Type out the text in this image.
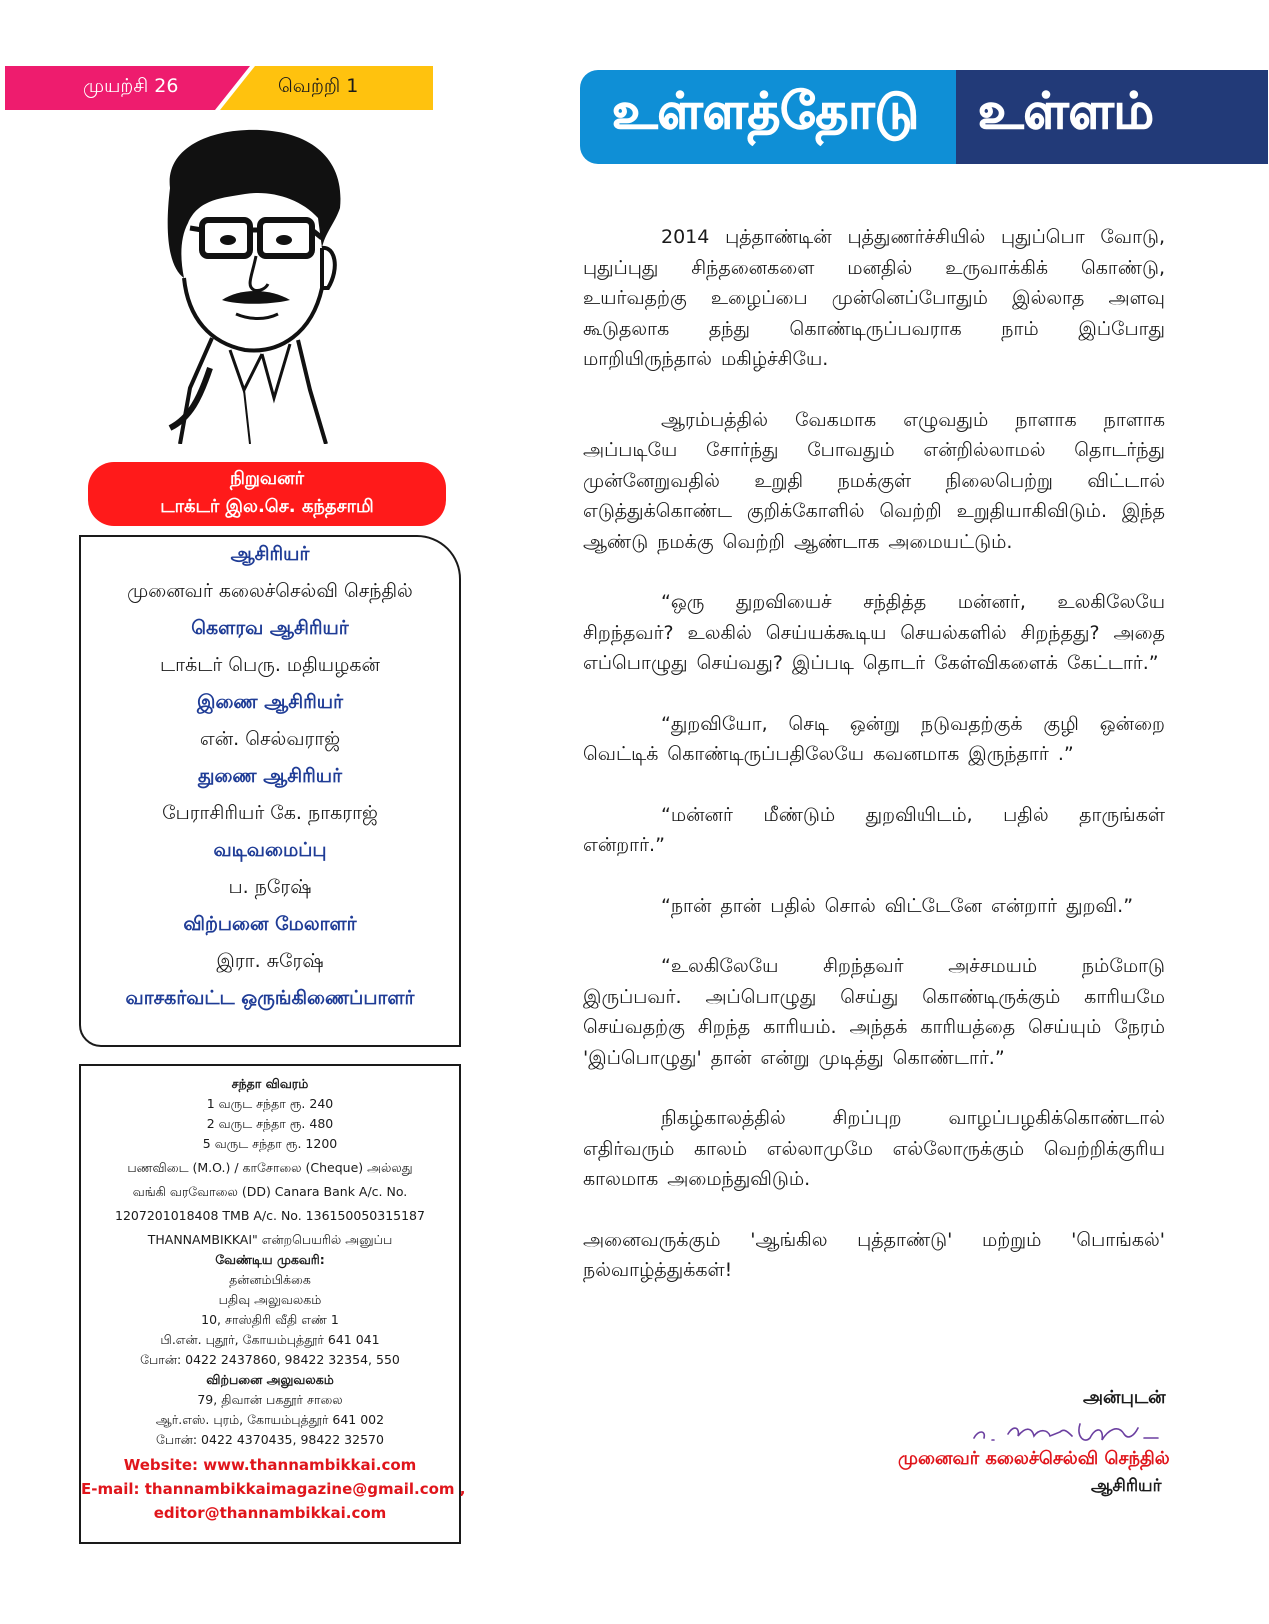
முயற்சி 26	வெற்றி 1	உள்ளத்தோடு உள்ளம்
நிறுவனர்
டாக்டர் இல.செ. கந்தசாமி
ஆசிரியர்
முனைவர் கலைச்செல்வி செந்தில்
கௌரவ ஆசிரியர்
டாக்டர் பெரு. மதியழகன்
இணை ஆசிரியர்
என். செல்வராஜ்
துணை ஆசிரியர்
பேராசிரியர் கே. நாகராஜ்
வடிவமைப்பு
ப. நரேஷ்
விற்பனை மேலாளர்
இரா. சுரேஷ்
வாசகர்வட்ட ஒருங்கிணைப்பாளர்
சந்தா விவரம்
1 வருட சந்தா ரூ. 240
2 வருட சந்தா ரூ. 480
5 வருட சந்தா ரூ. 1200
பணவிடை (M.O.) / காசோலை (Cheque) அல்லது
வங்கி வரவோலை (DD) Canara Bank A/c. No.
1207201018408 TMB A/c. No. 136150050315187
THANNAMBIKKAI" என்றபெயரில் அனுப்ப
வேண்டிய முகவரி:
தன்னம்பிக்கை
பதிவு அலுவலகம்
10, சாஸ்திரி வீதி எண் 1
பி.என். புதூர், கோயம்புத்தூர் 641 041
போன்: 0422 2437860, 98422 32354, 550
விற்பனை அலுவலகம்
79, திவான் பகதூர் சாலை
ஆர்.எஸ். புரம், கோயம்புத்தூர் 641 002
போன்: 0422 4370435, 98422 32570
Website: www.thannambikkai.com
E-mail: thannambikkaimagazine@gmail.com ,
editor@thannambikkai.com

2014 புத்தாண்டின் புத்துணர்ச்சியில் புதுப்பொ வோடு, புதுப்புது சிந்தனைகளை மனதில் உருவாக்கிக் கொண்டு, உயர்வதற்கு உழைப்பை முன்னெப்போதும் இல்லாத அளவு கூடுதலாக தந்து கொண்டிருப்பவராக நாம் இப்போது மாறியிருந்தால் மகிழ்ச்சியே.

ஆரம்பத்தில் வேகமாக எழுவதும் நாளாக நாளாக அப்படியே சோர்ந்து போவதும் என்றில்லாமல் தொடர்ந்து முன்னேறுவதில் உறுதி நமக்குள் நிலைபெற்று விட்டால் எடுத்துக்கொண்ட குறிக்கோளில் வெற்றி உறுதியாகிவிடும். இந்த ஆண்டு நமக்கு வெற்றி ஆண்டாக அமையட்டும்.

“ஒரு துறவியைச் சந்தித்த மன்னர், உலகிலேயே சிறந்தவர்? உலகில் செய்யக்கூடிய செயல்களில் சிறந்தது? அதை எப்பொழுது செய்வது? இப்படி தொடர் கேள்விகளைக் கேட்டார்.”

“துறவியோ, செடி ஒன்று நடுவதற்குக் குழி ஒன்றை வெட்டிக் கொண்டிருப்பதிலேயே கவனமாக இருந்தார் .”

“மன்னர் மீண்டும் துறவியிடம், பதில் தாருங்கள் என்றார்.”

“நான் தான் பதில் சொல் விட்டேனே என்றார் துறவி.”

“உலகிலேயே சிறந்தவர் அச்சமயம் நம்மோடு இருப்பவர். அப்பொழுது செய்து கொண்டிருக்கும் காரியமே செய்வதற்கு சிறந்த காரியம். அந்தக் காரியத்தை செய்யும் நேரம் 'இப்பொழுது' தான் என்று முடித்து கொண்டார்.”

நிகழ்காலத்தில் சிறப்புற வாழப்பழகிக்கொண்டால் எதிர்வரும் காலம் எல்லாமுமே எல்லோருக்கும் வெற்றிக்குரிய காலமாக அமைந்துவிடும்.

அனைவருக்கும் 'ஆங்கில புத்தாண்டு' மற்றும் 'பொங்கல்' நல்வாழ்த்துக்கள்!

அன்புடன்
முனைவர் கலைச்செல்வி செந்தில்
ஆசிரியர்
